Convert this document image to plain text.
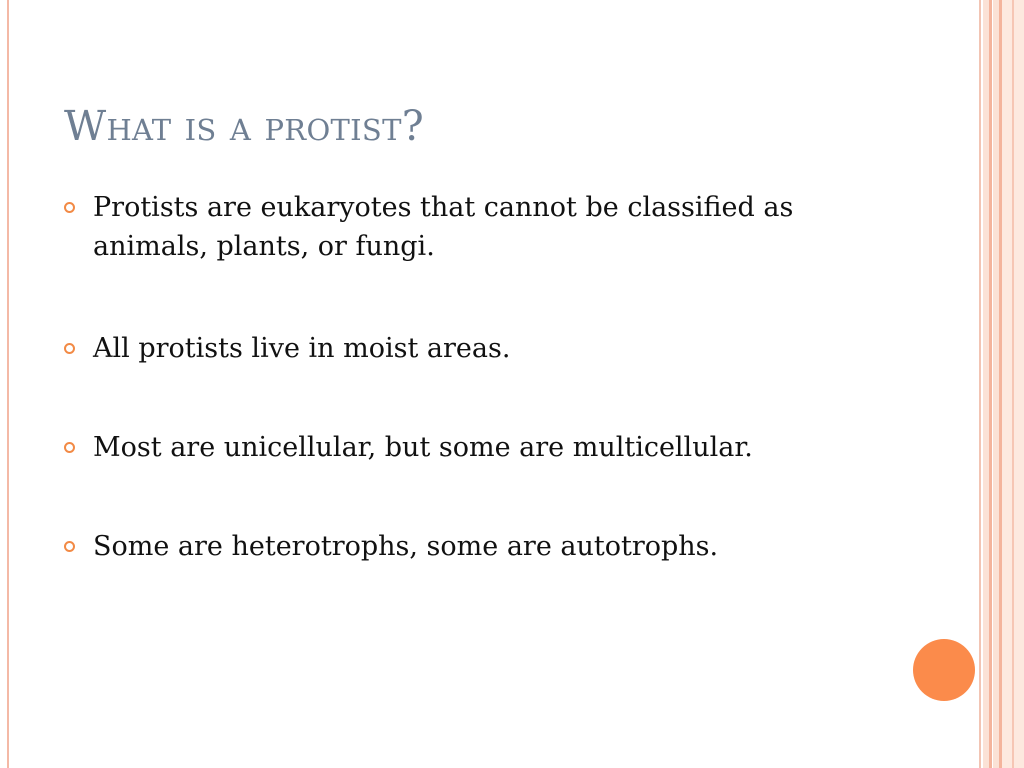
What is a protist?
Protists are eukaryotes that cannot be classified as animals, plants, or fungi.
All protists live in moist areas.
Most are unicellular, but some are multicellular.
Some are heterotrophs, some are autotrophs.
